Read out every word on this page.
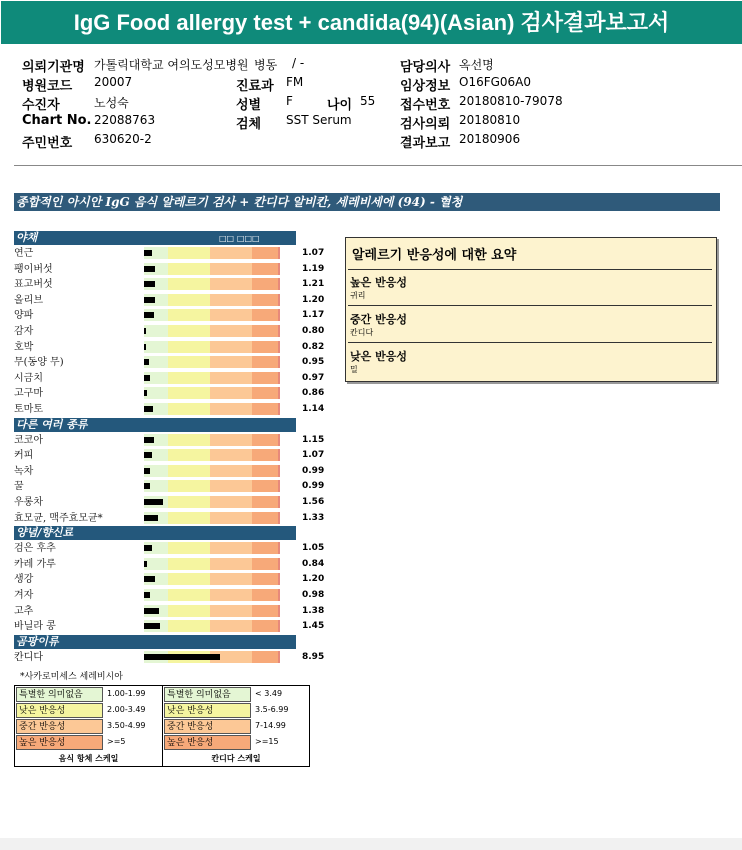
IgG Food allergy test + candida(94)(Asian) 검사결과보고서
의뢰기관명 가톨릭대학교 여의도성모병원 병동 / -
병원코드 20007
수진자	노성숙
Chart No. 22088763
주민번호 630620-2
진료과 FM
성별 F	나이 55
검체 SST Serum
담당의사 옥선명
임상정보 O16FG06A0
접수번호 20180810-79078
검사의뢰 20180810
결과보고 20180906
종합적인 아시안 IgG 음식 알레르기 검사 + 칸디다 알비칸, 세레비세에 (94) - 혈청
야채	□□ □□□
연근	1.07
팽이버섯	1.19
표고버섯	1.21
올리브	1.20
양파	1.17
감자	0.80
호박	0.82
무(동양 무)	0.95
시금치	0.97
고구마	0.86
토마토	1.14
다른 여러 종류
코코아	1.15
커피	1.07
녹차	0.99
꿀	0.99
우롱차	1.56
효모균, 맥주효모균*	1.33
양념/향신료
검은 후추	1.05
카레 가루	0.84
생강	1.20
겨자	0.98
고추	1.38
바닐라 콩	1.45
곰팡이류
칸디다	8.95
알레르기 반응성에 대한 요약
높은 반응성
귀리
중간 반응성
칸디다
낮은 반응성
밀
*사카로미세스 세레비시아
특별한 의미없음	1.00-1.99
낮은 반응성	2.00-3.49
중간 반응성	3.50-4.99
높은 반응성	>=5
음식 항체 스케일
특별한 의미없음	< 3.49
낮은 반응성	3.5-6.99
중간 반응성	7-14.99
높은 반응성	>=15
칸디다 스케일
